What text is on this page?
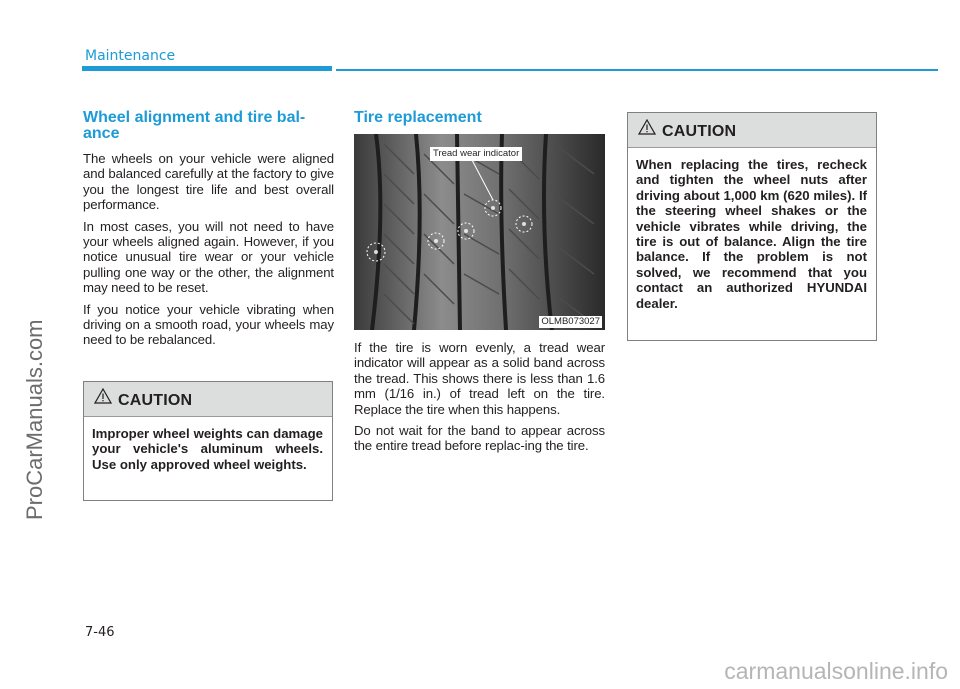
ProCarManuals.com
Maintenance
Wheel alignment and tire bal-
ance

The wheels on your vehicle were aligned and balanced carefully at the factory to give you the longest tire life and best overall performance.

In most cases, you will not need to have your wheels aligned again. However, if you notice unusual tire wear or your vehicle pulling one way or the other, the alignment may need to be reset.

If you notice your vehicle vibrating when driving on a smooth road, your wheels may need to be rebalanced.

CAUTION
Improper wheel weights can damage your vehicle's aluminum wheels. Use only approved wheel weights.
Tire replacement
Tread wear indicator
OLMB073027

If the tire is worn evenly, a tread wear indicator will appear as a solid band across the tread. This shows there is less than 1.6 mm (1/16 in.) of tread left on the tire. Replace the tire when this happens.

Do not wait for the band to appear across the entire tread before replac-ing the tire.

CAUTION
When replacing the tires, recheck and tighten the wheel nuts after driving about 1,000 km (620 miles). If the steering wheel shakes or the vehicle vibrates while driving, the tire is out of balance. Align the tire balance. If the problem is not solved, we recommend that you contact an authorized HYUNDAI dealer.
7-46
carmanualsonline.info
